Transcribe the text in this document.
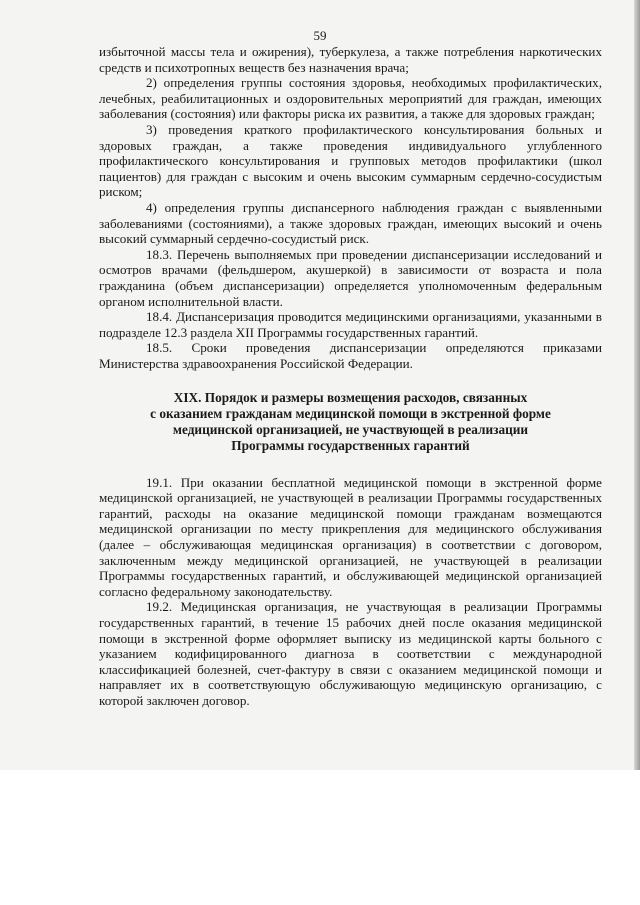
59

избыточной массы тела и ожирения), туберкулеза, а также потребления наркотических средств и психотропных веществ без назначения врача;

2) определения группы состояния здоровья, необходимых профилактических, лечебных, реабилитационных и оздоровительных мероприятий для граждан, имеющих заболевания (состояния) или факторы риска их развития, а также для здоровых граждан;

3) проведения краткого профилактического консультирования больных и здоровых граждан, а также проведения индивидуального углубленного профилактического консультирования и групповых методов профилактики (школ пациентов) для граждан с высоким и очень высоким суммарным сердечно-сосудистым риском;

4) определения группы диспансерного наблюдения граждан с выявленными заболеваниями (состояниями), а также здоровых граждан, имеющих высокий и очень высокий суммарный сердечно-сосудистый риск.

18.3. Перечень выполняемых при проведении диспансеризации исследований и осмотров врачами (фельдшером, акушеркой) в зависимости от возраста и пола гражданина (объем диспансеризации) определяется уполномоченным федеральным органом исполнительной власти.

18.4. Диспансеризация проводится медицинскими организациями, указанными в подразделе 12.3 раздела XII Программы государственных гарантий.

18.5. Сроки проведения диспансеризации определяются приказами Министерства здравоохранения Российской Федерации.

XIX. Порядок и размеры возмещения расходов, связанных
с оказанием гражданам медицинской помощи в экстренной форме
медицинской организацией, не участвующей в реализации
Программы государственных гарантий

19.1. При оказании бесплатной медицинской помощи в экстренной форме медицинской организацией, не участвующей в реализации Программы государственных гарантий, расходы на оказание медицинской помощи гражданам возмещаются медицинской организации по месту прикрепления для медицинского обслуживания (далее – обслуживающая медицинская организация) в соответствии с договором, заключенным между медицинской организацией, не участвующей в реализации Программы государственных гарантий, и обслуживающей медицинской организацией согласно федеральному законодательству.

19.2. Медицинская организация, не участвующая в реализации Программы государственных гарантий, в течение 15 рабочих дней после оказания медицинской помощи в экстренной форме оформляет выписку из медицинской карты больного с указанием кодифицированного диагноза в соответствии с международной классификацией болезней, счет-фактуру в связи с оказанием медицинской помощи и направляет их в соответствующую обслуживающую медицинскую организацию, с которой заключен договор.
